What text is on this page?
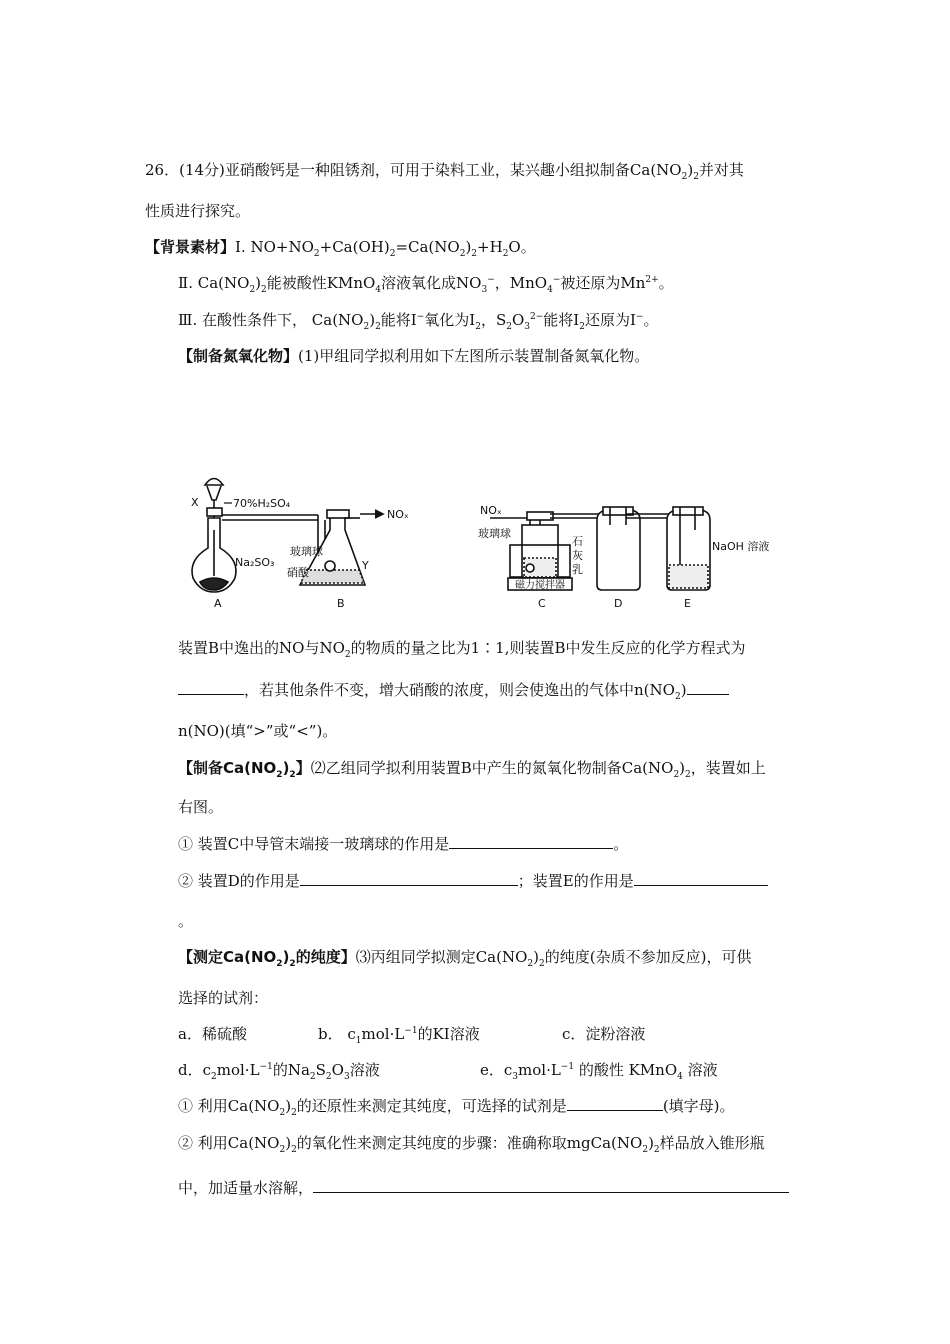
26．(14分)亚硝酸钙是一种阻锈剂，可用于染料工业，某兴趣小组拟制备$Ca(NO_2)_2$并对其
性质进行探究。
【背景素材】Ⅰ. $NO+NO_2+Ca(OH)_2=Ca(NO_2)_2+H_2O$。
Ⅱ. $Ca(NO_2)_2$能被酸性KMnO$_4$溶液氧化成$NO_3^-$，MnO$_4$−被还原为$Mn^{2+}$。
Ⅲ. 在酸性条件下， $Ca(NO_2)_2$能将I−氧化为$I_2$，$S_2O_3^{2-}$能将$I_2$还原为I−。
【制备氮氧化物】(1)甲组同学拟利用如下左图所示装置制备氮氧化物。
X	70%H₂SO₄
NOₓ
Na₂SO₃
玻璃球
Y
硝酸
A	B
NOₓ
玻璃球
石
灰
乳
磁力搅拌器
NaOH 溶液
C	D	E
装置B中逸出的NO与$NO_2$的物质的量之比为1∶1,则装置B中发生反应的化学方程式为
，若其他条件不变，增大硝酸的浓度，则会使逸出的气体中$n(NO_2)$
n(NO)(填“>”或“<”)。
【制备$Ca(NO_2)_2$】⑵乙组同学拟利用装置B中产生的氮氧化物制备$Ca(NO_2)_2$，装置如上
右图。
① 装置C中导管末端接一玻璃球的作用是	。
② 装置D的作用是	；装置E的作用是
。
【测定$Ca(NO_2)_2$的纯度】⑶丙组同学拟测定$Ca(NO_2)_2$的纯度(杂质不参加反应)，可供
选择的试剂：
a．稀硫酸	b． $c_1mol\cdot L^{-1}$的KI溶液	c．淀粉溶液
d．$c_2mol\cdot L^{-1}$的$Na_2S_2O_3$溶液	e．$c_3mol\cdot L^{-1}$ 的酸性 KMnO$_4$ 溶液
① 利用$Ca(NO_2)_2$的还原性来测定其纯度，可选择的试剂是	(填字母)。
② 利用$Ca(NO_2)_2$的氧化性来测定其纯度的步骤：准确称取$mgCa(NO_2)_2$样品放入锥形瓶
中，加适量水溶解，
